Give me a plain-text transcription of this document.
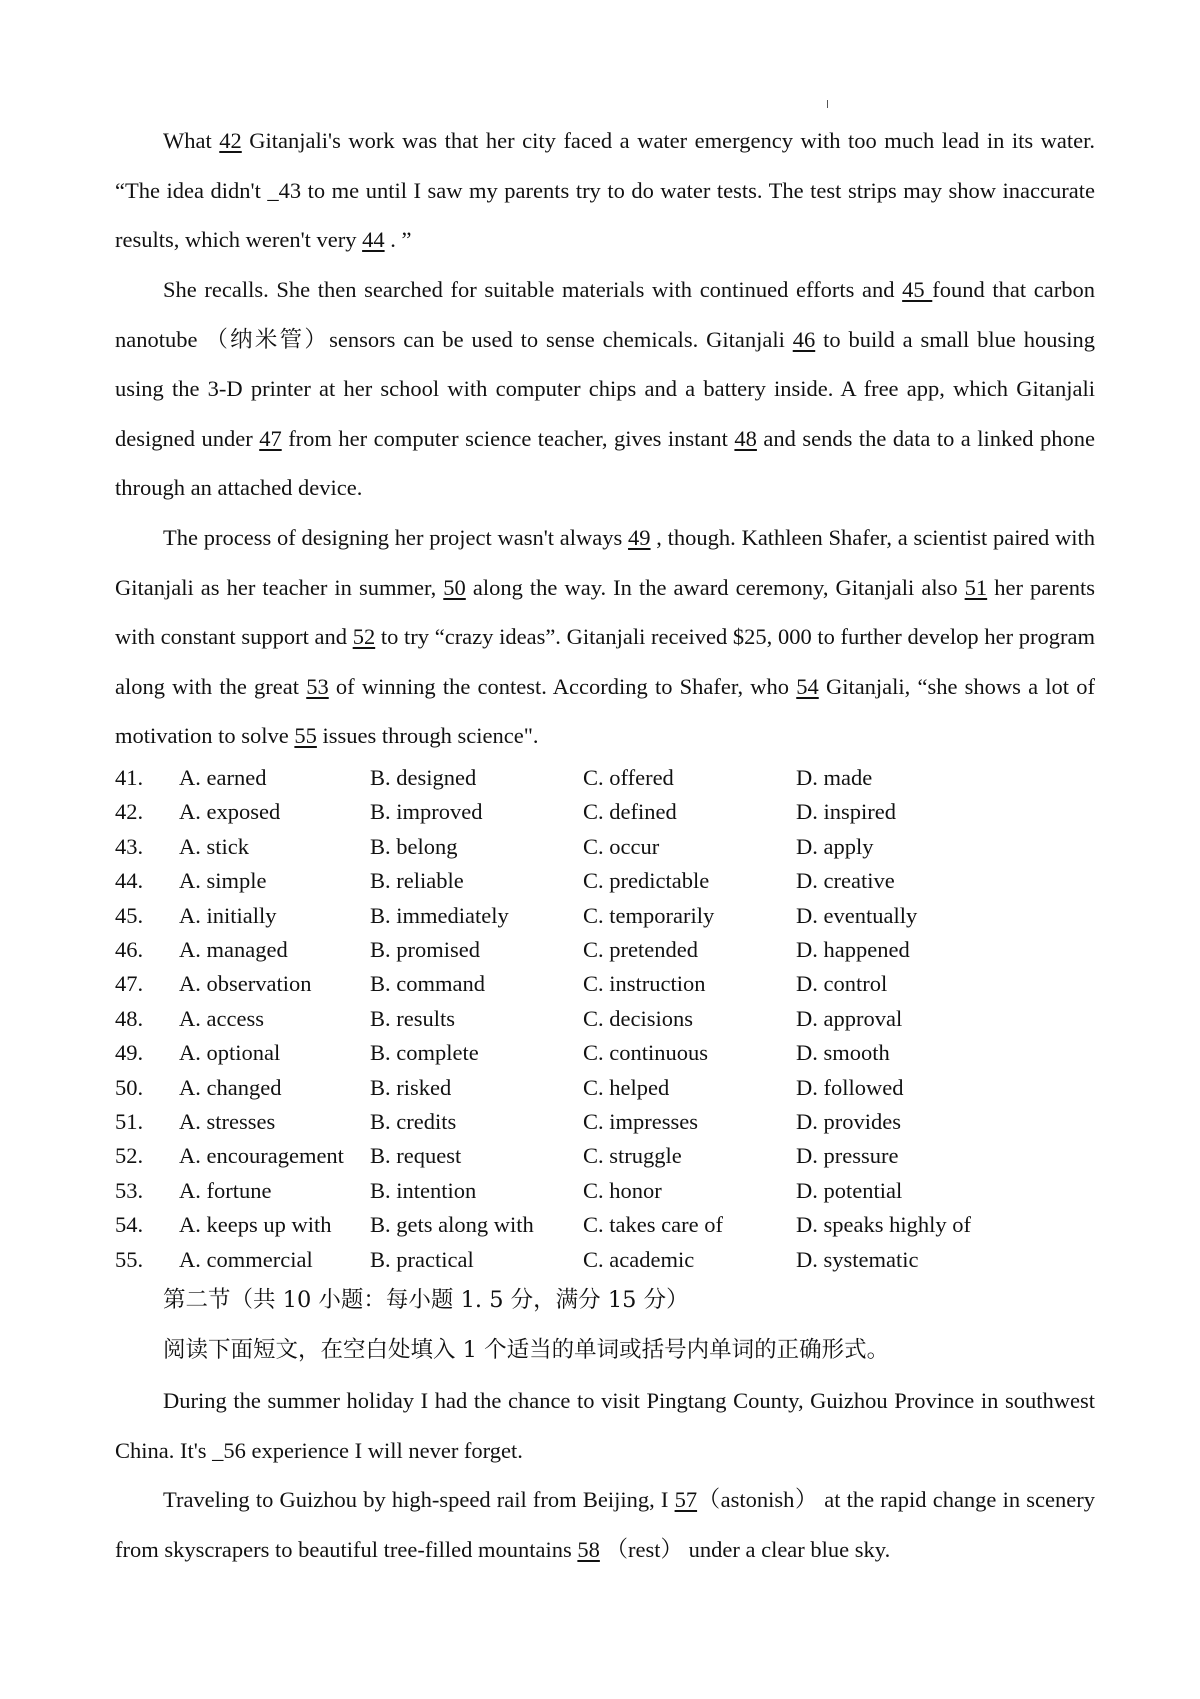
What 42 Gitanjali's work was that her city faced a water emergency with too much lead in its water. “The idea didn't _43 to me until I saw my parents try to do water tests. The test strips may show inaccurate results, which weren't very 44 . ”

She recalls. She then searched for suitable materials with continued efforts and 45 found that carbon nanotube （纳米管）sensors can be used to sense chemicals. Gitanjali 46 to build a small blue housing using the 3-D printer at her school with computer chips and a battery inside. A free app, which Gitanjali designed under 47 from her computer science teacher, gives instant 48 and sends the data to a linked phone through an attached device.

The process of designing her project wasn't always 49 , though. Kathleen Shafer, a scientist paired with Gitanjali as her teacher in summer, 50 along the way. In the award ceremony, Gitanjali also 51 her parents with constant support and 52 to try “crazy ideas”. Gitanjali received $25, 000 to further develop her program along with the great 53 of winning the contest. According to Shafer, who 54 Gitanjali, “she shows a lot of motivation to solve 55 issues through science".

41.	A. earned	B. designed	C. offered	D. made
42.	A. exposed	B. improved	C. defined	D. inspired
43.	A. stick	B. belong	C. occur	D. apply
44.	A. simple	B. reliable	C. predictable	D. creative
45.	A. initially	B. immediately	C. temporarily	D. eventually
46.	A. managed	B. promised	C. pretended	D. happened
47.	A. observation	B. command	C. instruction	D. control
48.	A. access	B. results	C. decisions	D. approval
49.	A. optional	B. complete	C. continuous	D. smooth
50.	A. changed	B. risked	C. helped	D. followed
51.	A. stresses	B. credits	C. impresses	D. provides
52.	A. encouragement	B. request	C. struggle	D. pressure
53.	A. fortune	B. intention	C. honor	D. potential
54.	A. keeps up with	B. gets along with	C. takes care of	D. speaks highly of
55.	A. commercial	B. practical	C. academic	D. systematic

第二节（共 10 小题：每小题 1. 5 分，满分 15 分）

阅读下面短文，在空白处填入 1 个适当的单词或括号内单词的正确形式。

During the summer holiday I had the chance to visit Pingtang County, Guizhou Province in southwest China. It's _56 experience I will never forget.

Traveling to Guizhou by high-speed rail from Beijing, I 57（astonish） at the rapid change in scenery from skyscrapers to beautiful tree-filled mountains 58 （rest） under a clear blue sky.
